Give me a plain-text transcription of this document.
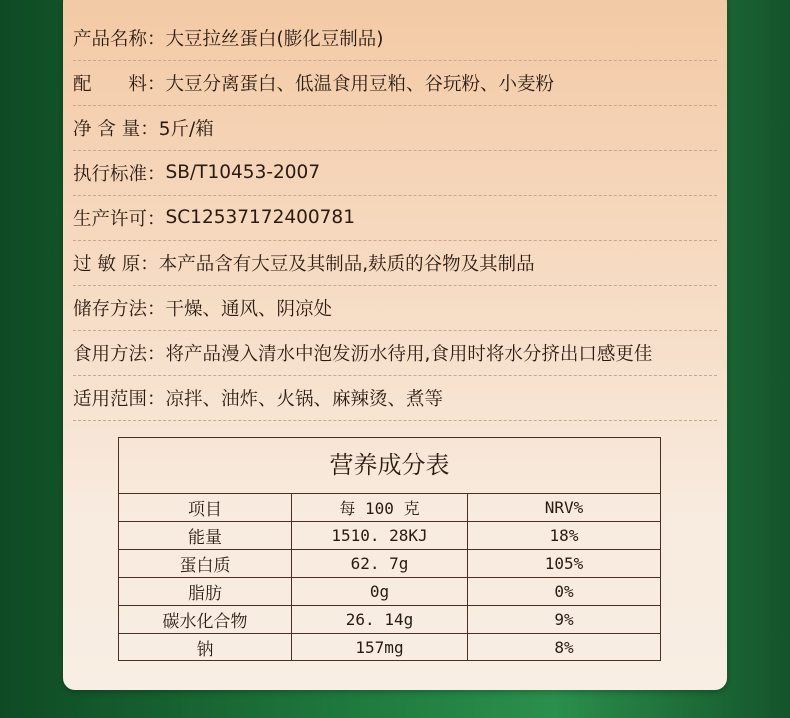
产品名称： 大豆拉丝蛋白(膨化豆制品)
配　　料： 大豆分离蛋白、低温食用豆粕、谷玩粉、小麦粉
净 含 量： 5斤/箱
执行标准： SB/T10453-2007
生产许可： SC12537172400781
过 敏 原： 本产品含有大豆及其制品,麸质的谷物及其制品
储存方法： 干燥、通风、阴凉处
食用方法： 将产品漫入清水中泡发沥水待用,食用时将水分挤出口感更佳
适用范围： 凉拌、油炸、火锅、麻辣烫、煮等
营养成分表
项目	每 100 克	NRV%
能量	1510. 28KJ	18%
蛋白质	62. 7g	105%
脂肪	0g	0%
碳水化合物	26. 14g	9%
钠	157mg	8%
